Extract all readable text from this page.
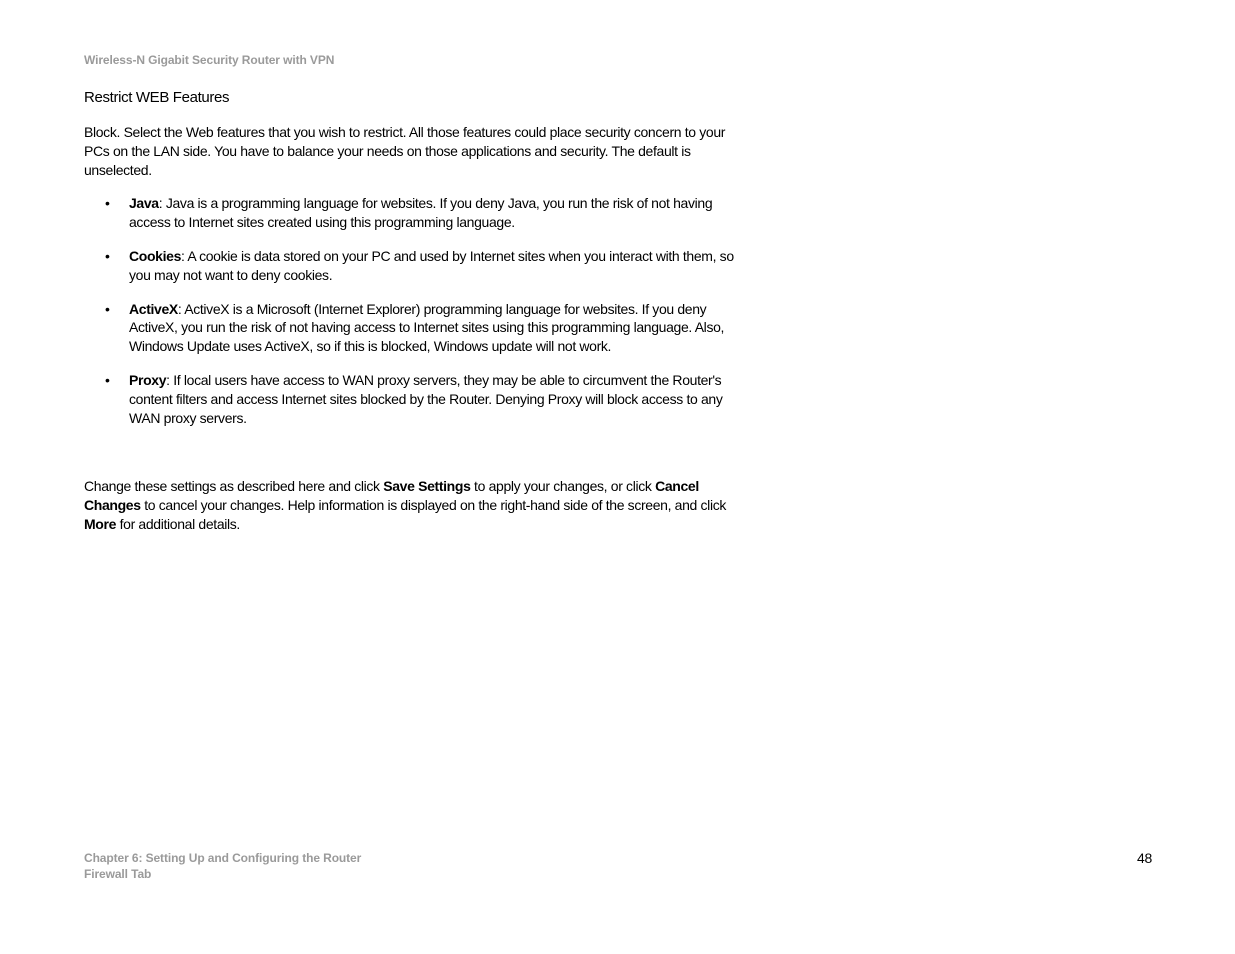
Wireless-N Gigabit Security Router with VPN
Restrict WEB Features

Block. Select the Web features that you wish to restrict. All those features could place security concern to your PCs on the LAN side. You have to balance your needs on those applications and security. The default is unselected.

• Java: Java is a programming language for websites. If you deny Java, you run the risk of not having access to Internet sites created using this programming language.
• Cookies: A cookie is data stored on your PC and used by Internet sites when you interact with them, so you may not want to deny cookies.
• ActiveX: ActiveX is a Microsoft (Internet Explorer) programming language for websites. If you deny ActiveX, you run the risk of not having access to Internet sites using this programming language. Also, Windows Update uses ActiveX, so if this is blocked, Windows update will not work.
• Proxy: If local users have access to WAN proxy servers, they may be able to circumvent the Router's content filters and access Internet sites blocked by the Router. Denying Proxy will block access to any WAN proxy servers.

Change these settings as described here and click Save Settings to apply your changes, or click Cancel Changes to cancel your changes. Help information is displayed on the right-hand side of the screen, and click More for additional details.

Chapter 6: Setting Up and Configuring the Router
Firewall Tab
48
